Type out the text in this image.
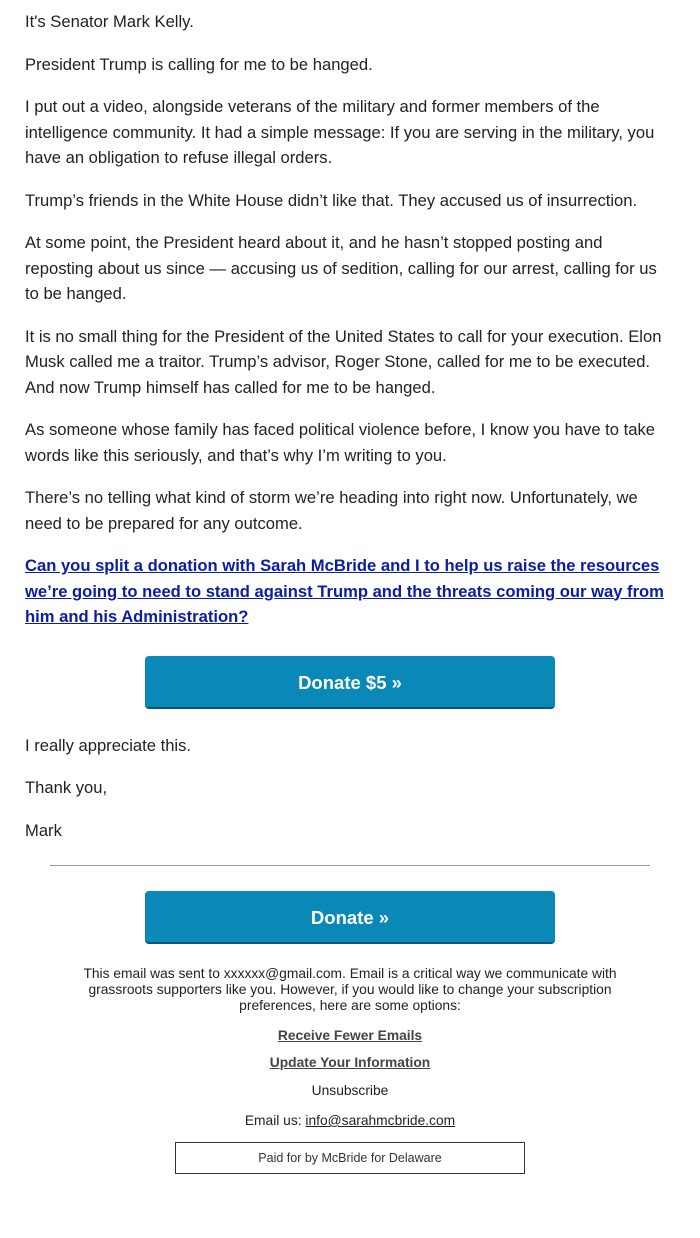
It's Senator Mark Kelly.

President Trump is calling for me to be hanged.

I put out a video, alongside veterans of the military and former members of the intelligence community. It had a simple message: If you are serving in the military, you have an obligation to refuse illegal orders.

Trump’s friends in the White House didn’t like that. They accused us of insurrection.

At some point, the President heard about it, and he hasn’t stopped posting and reposting about us since — accusing us of sedition, calling for our arrest, calling for us to be hanged.

It is no small thing for the President of the United States to call for your execution. Elon Musk called me a traitor. Trump’s advisor, Roger Stone, called for me to be executed. And now Trump himself has called for me to be hanged.

As someone whose family has faced political violence before, I know you have to take words like this seriously, and that’s why I’m writing to you.

There’s no telling what kind of storm we’re heading into right now. Unfortunately, we need to be prepared for any outcome.

Can you split a donation with Sarah McBride and I to help us raise the resources we’re going to need to stand against Trump and the threats coming our way from him and his Administration?
Donate $5 »

I really appreciate this.

Thank you,

Mark

Donate »
This email was sent to xxxxxx@gmail.com. Email is a critical way we communicate with grassroots supporters like you. However, if you would like to change your subscription preferences, here are some options:
Receive Fewer Emails
Update Your Information
Unsubscribe
Email us: info@sarahmcbride.com
Paid for by McBride for Delaware
